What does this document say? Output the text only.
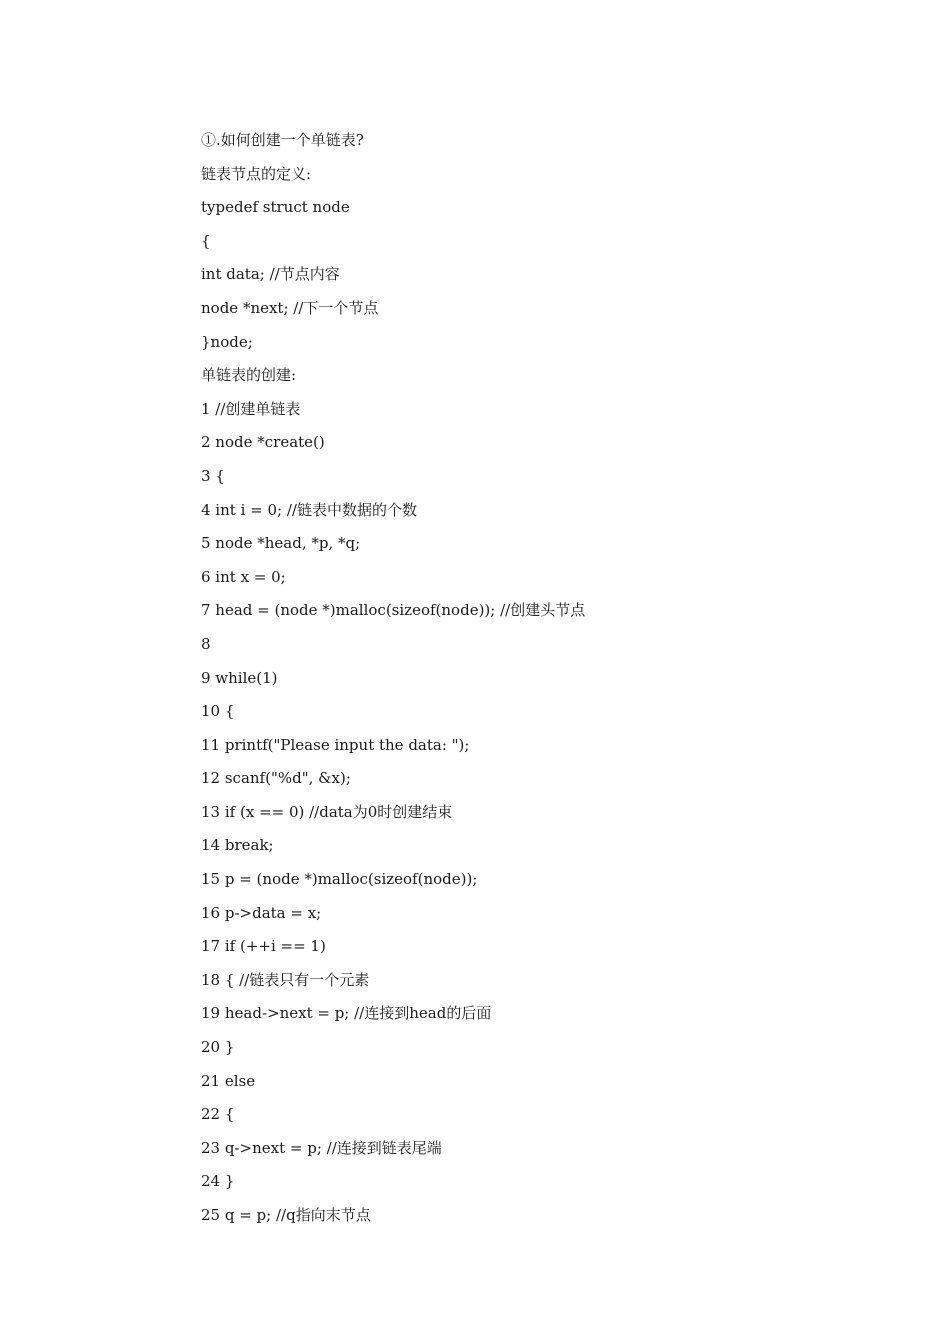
①.如何创建一个单链表?
链表节点的定义:
typedef struct node
{
int data; //节点内容
node *next; //下一个节点
}node;
单链表的创建:
1 //创建单链表
2 node *create()
3 {
4 int i = 0; //链表中数据的个数
5 node *head, *p, *q;
6 int x = 0;
7 head = (node *)malloc(sizeof(node)); //创建头节点
8
9 while(1)
10 {
11 printf("Please input the data: ");
12 scanf("%d", &x);
13 if (x == 0) //data为0时创建结束
14 break;
15 p = (node *)malloc(sizeof(node));
16 p->data = x;
17 if (++i == 1)
18 { //链表只有一个元素
19 head->next = p; //连接到head的后面
20 }
21 else
22 {
23 q->next = p; //连接到链表尾端
24 }
25 q = p; //q指向末节点
